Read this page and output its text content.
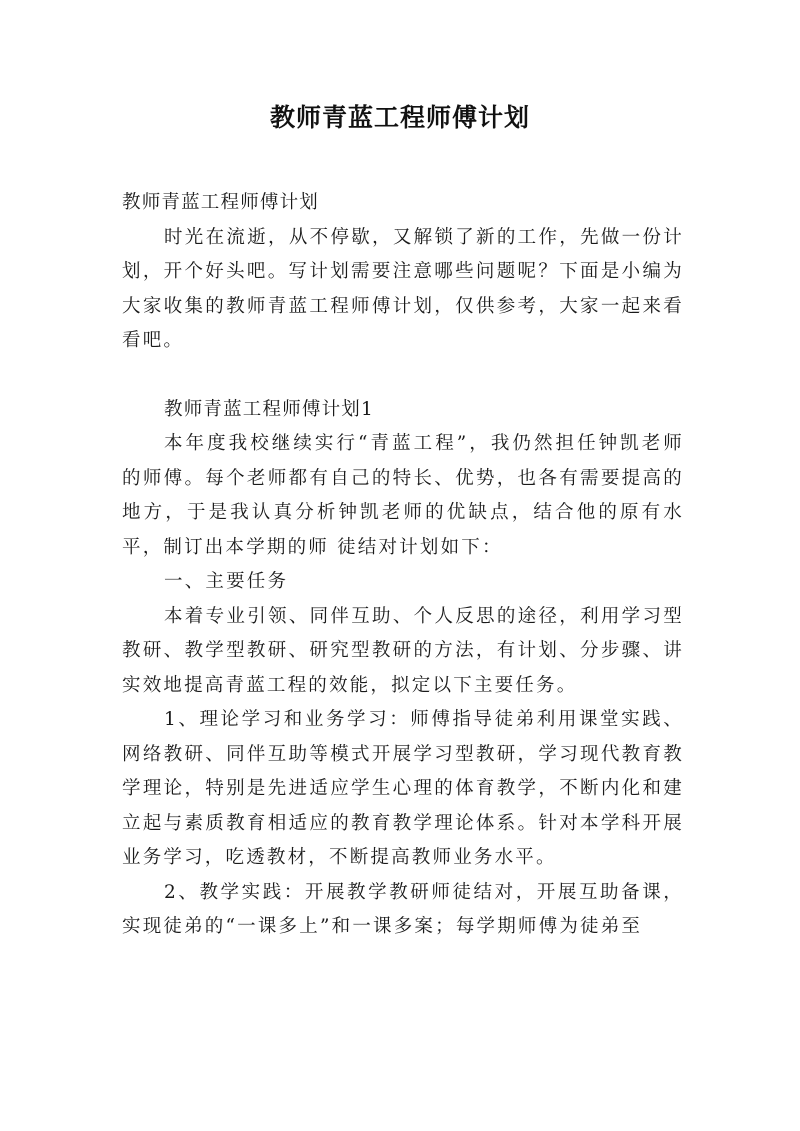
教师青蓝工程师傅计划

教师青蓝工程师傅计划

时光在流逝，从不停歇，又解锁了新的工作，先做一份计划，开个好头吧。写计划需要注意哪些问题呢？下面是小编为大家收集的教师青蓝工程师傅计划，仅供参考，大家一起来看看吧。

教师青蓝工程师傅计划1

本年度我校继续实行“青蓝工程”，我仍然担任钟凯老师的师傅。每个老师都有自己的特长、优势，也各有需要提高的地方，于是我认真分析钟凯老师的优缺点，结合他的原有水平，制订出本学期的师 徒结对计划如下：

一、主要任务

本着专业引领、同伴互助、个人反思的途径，利用学习型教研、教学型教研、研究型教研的方法，有计划、分步骤、讲实效地提高青蓝工程的效能，拟定以下主要任务。

1、理论学习和业务学习：师傅指导徒弟利用课堂实践、网络教研、同伴互助等模式开展学习型教研，学习现代教育教学理论，特别是先进适应学生心理的体育教学，不断内化和建立起与素质教育相适应的教育教学理论体系。针对本学科开展业务学习，吃透教材，不断提高教师业务水平。

2、教学实践：开展教学教研师徒结对，开展互助备课，实现徒弟的“一课多上”和一课多案；每学期师傅为徒弟至
